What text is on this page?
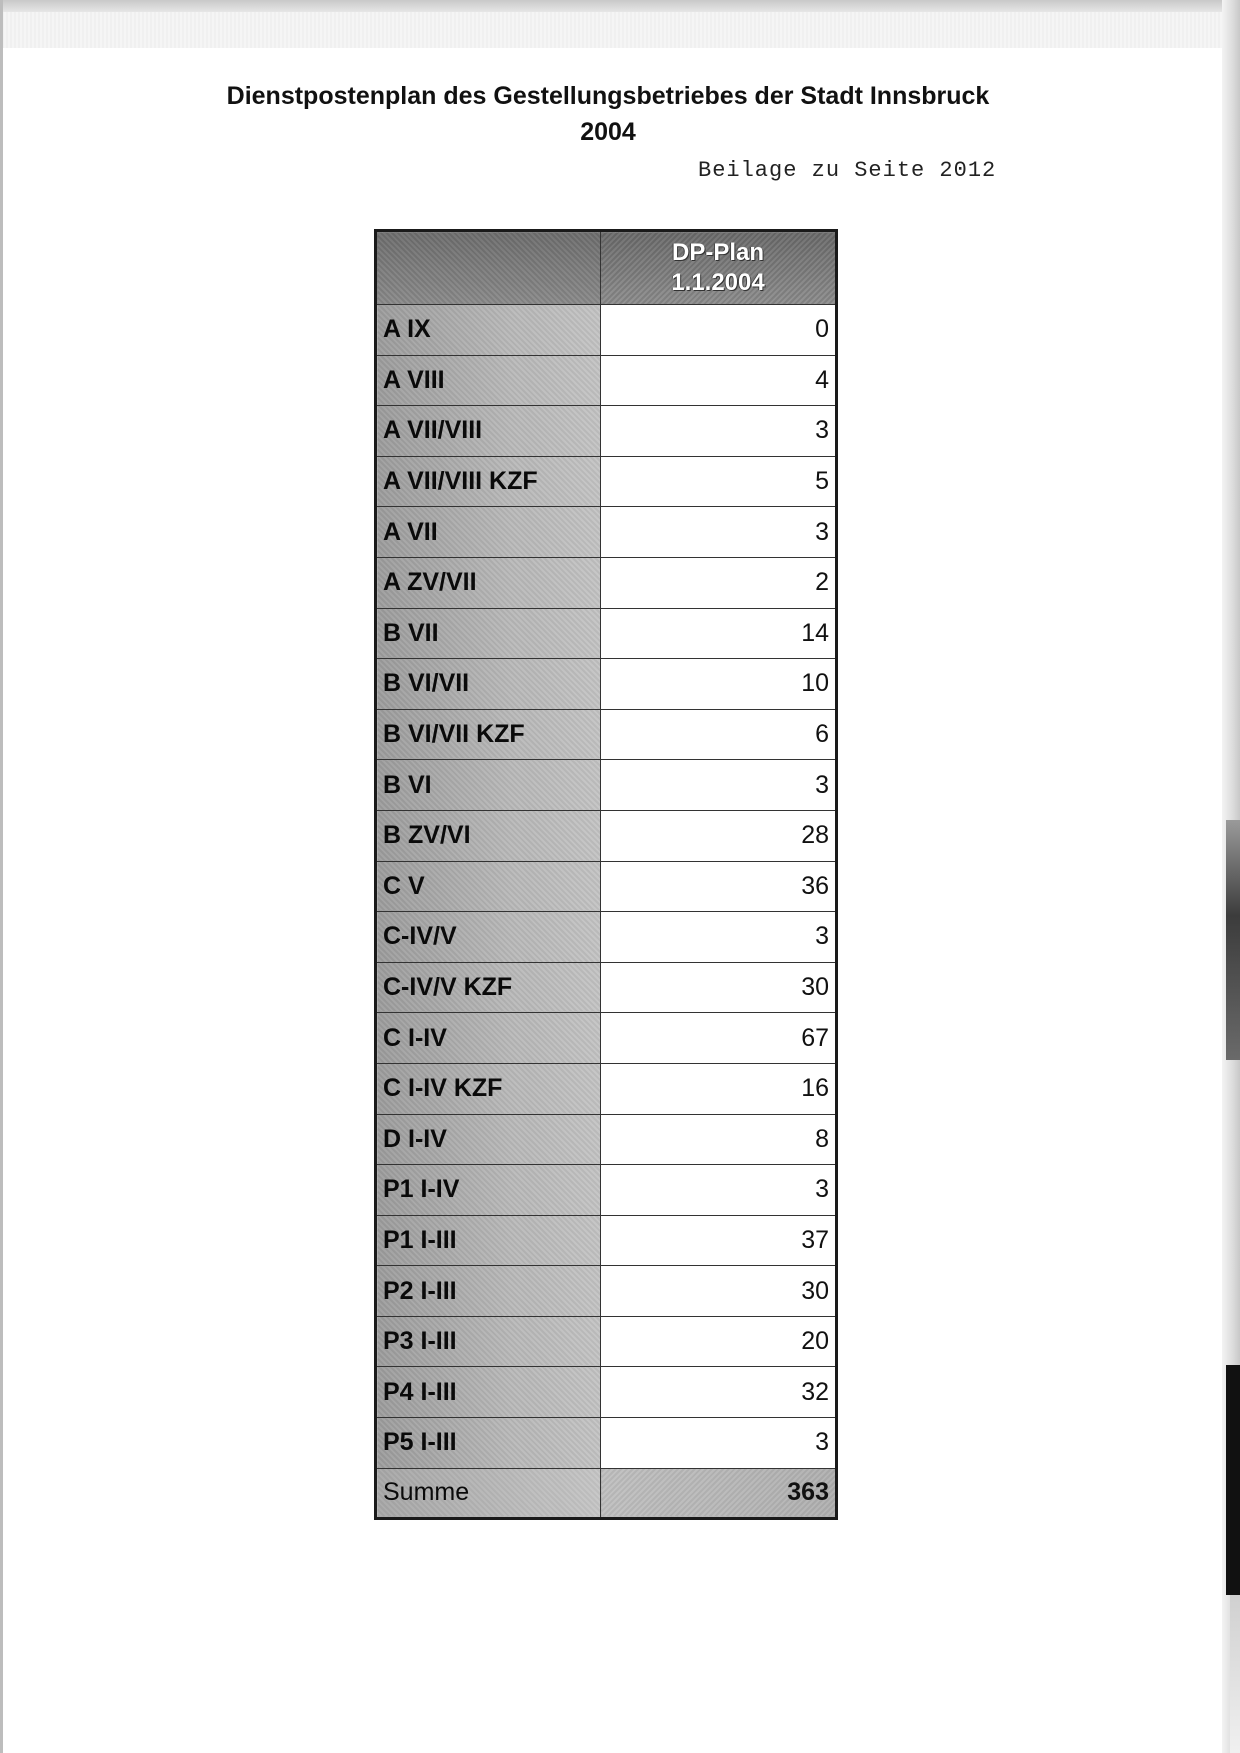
Dienstpostenplan des Gestellungsbetriebes der Stadt Innsbruck
2004
Beilage zu Seite 2012

	DP-Plan
1.1.2004

A IX	0
A VIII	4
A VII/VIII	3
A VII/VIII KZF	5
A VII	3
A ZV/VII	2
B VII	14
B VI/VII	10
B VI/VII KZF	6
B VI	3
B ZV/VI	28
C V	36
C-IV/V	3
C-IV/V KZF	30
C I-IV	67
C I-IV KZF	16
D I-IV	8
P1 I-IV	3
P1 I-III	37
P2 I-III	30
P3 I-III	20
P4 I-III	32
P5 I-III	3
Summe	363
